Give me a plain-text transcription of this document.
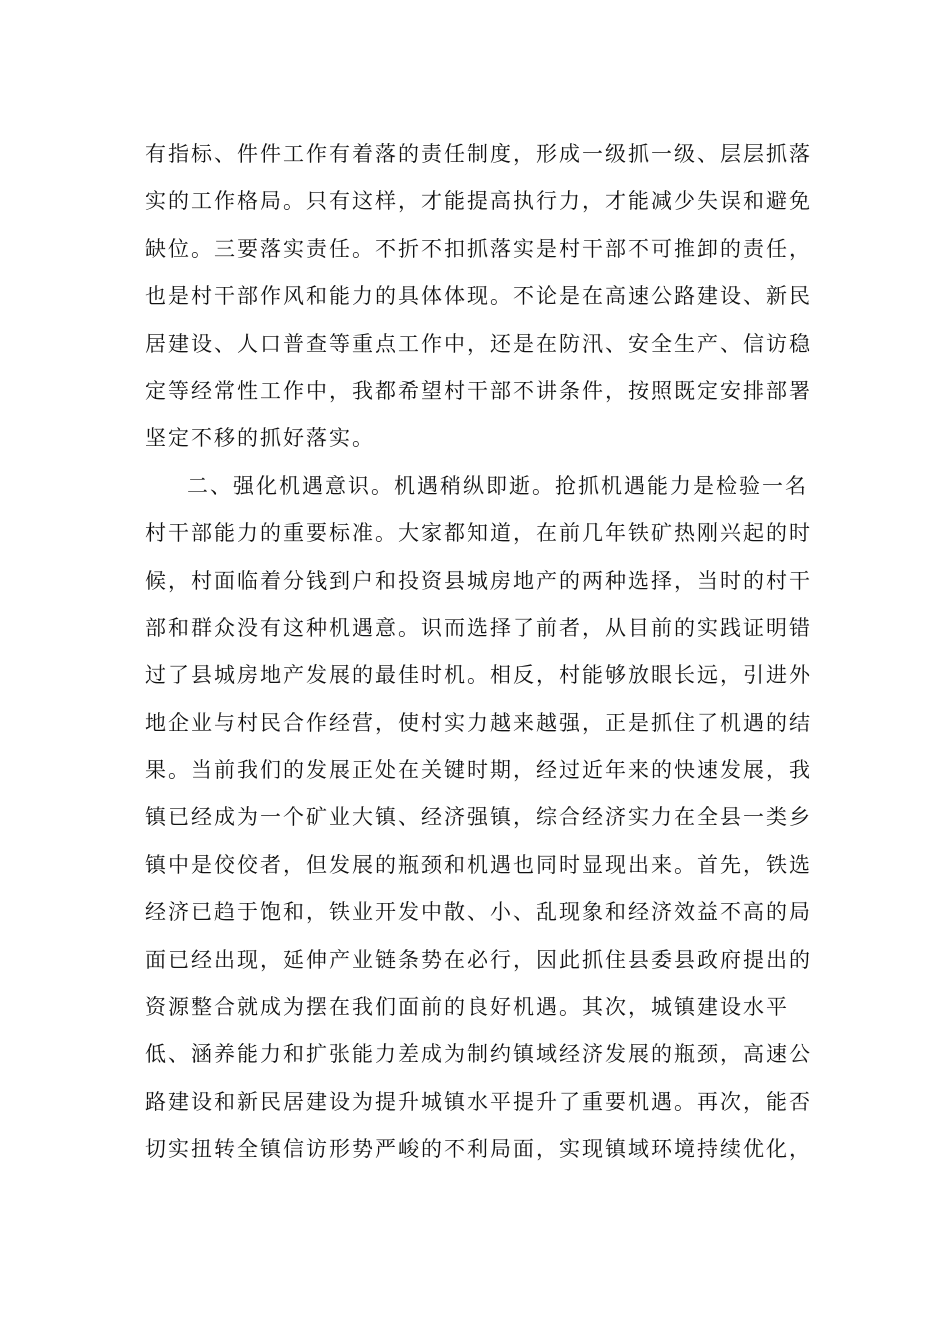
有指标、件件工作有着落的责任制度，形成一级抓一级、层层抓落
实的工作格局。只有这样，才能提高执行力，才能减少失误和避免
缺位。三要落实责任。不折不扣抓落实是村干部不可推卸的责任，
也是村干部作风和能力的具体体现。不论是在高速公路建设、新民
居建设、人口普查等重点工作中，还是在防汛、安全生产、信访稳
定等经常性工作中，我都希望村干部不讲条件，按照既定安排部署
坚定不移的抓好落实。
二、强化机遇意识。机遇稍纵即逝。抢抓机遇能力是检验一名
村干部能力的重要标准。大家都知道，在前几年铁矿热刚兴起的时
候，村面临着分钱到户和投资县城房地产的两种选择，当时的村干
部和群众没有这种机遇意。识而选择了前者，从目前的实践证明错
过了县城房地产发展的最佳时机。相反，村能够放眼长远，引进外
地企业与村民合作经营，使村实力越来越强，正是抓住了机遇的结
果。当前我们的发展正处在关键时期，经过近年来的快速发展，我
镇已经成为一个矿业大镇、经济强镇，综合经济实力在全县一类乡
镇中是佼佼者，但发展的瓶颈和机遇也同时显现出来。首先，铁选
经济已趋于饱和，铁业开发中散、小、乱现象和经济效益不高的局
面已经出现，延伸产业链条势在必行，因此抓住县委县政府提出的
资源整合就成为摆在我们面前的良好机遇。其次，城镇建设水平
低、涵养能力和扩张能力差成为制约镇域经济发展的瓶颈，高速公
路建设和新民居建设为提升城镇水平提升了重要机遇。再次，能否
切实扭转全镇信访形势严峻的不利局面，实现镇域环境持续优化，
